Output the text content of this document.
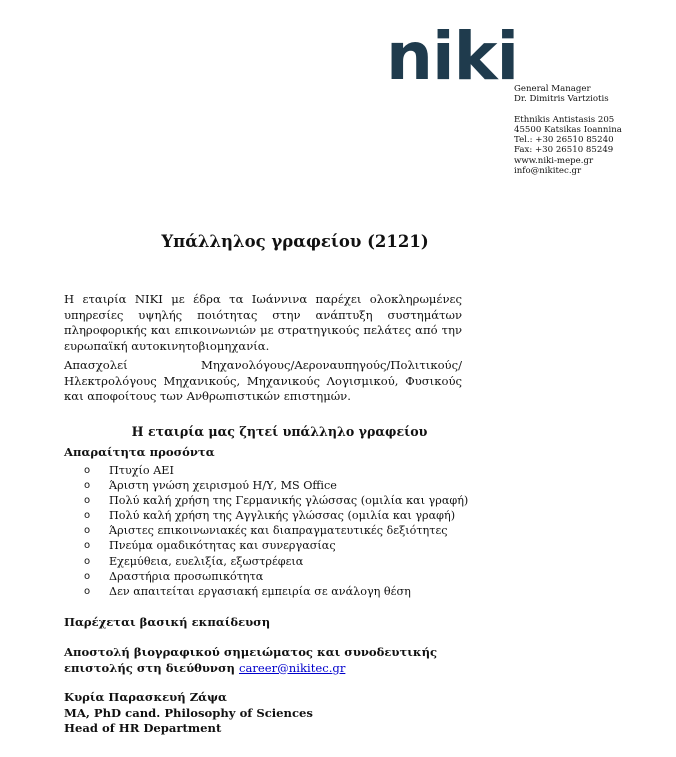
niki
General Manager
Dr. Dimitris Vartziotis
Ethnikis Antistasis 205
45500 Katsikas Ioannina
Tel.: +30 26510 85240
Fax: +30 26510 85249
www.niki-mepe.gr
info@nikitec.gr
Υπάλληλος γραφείου (2121)
Η εταιρία ΝΙΚΙ με έδρα τα Ιωάννινα παρέχει ολοκληρωμένες υπηρεσίες υψηλής ποιότητας στην ανάπτυξη συστημάτων πληροφορικής και επικοινωνιών με στρατηγικούς πελάτες από την ευρωπαϊκή αυτοκινητοβιομηχανία.
Απασχολεί Μηχανολόγους/Αεροναυπηγούς/Πολιτικούς/Ηλεκτρολόγους Μηχανικούς, Μηχανικούς Λογισμικού, Φυσικούς και αποφοίτους των Ανθρωπιστικών επιστημών.
Η εταιρία μας ζητεί υπάλληλο γραφείου
Απαραίτητα προσόντα
o Πτυχίο ΑΕΙ
o Άριστη γνώση χειρισμού Η/Υ, MS Office
o Πολύ καλή χρήση της Γερμανικής γλώσσας (ομιλία και γραφή)
o Πολύ καλή χρήση της Αγγλικής γλώσσας (ομιλία και γραφή)
o Άριστες επικοινωνιακές και διαπραγματευτικές δεξιότητες
o Πνεύμα ομαδικότητας και συνεργασίας
o Εχεμύθεια, ευελιξία, εξωστρέφεια
o Δραστήρια προσωπικότητα
o Δεν απαιτείται εργασιακή εμπειρία σε ανάλογη θέση
Παρέχεται βασική εκπαίδευση
Αποστολή βιογραφικού σημειώματος και συνοδευτικής επιστολής στη διεύθυνση career@nikitec.gr
Κυρία Παρασκευή Ζάψα
MA, PhD cand. Philosophy of Sciences
Head of HR Department
